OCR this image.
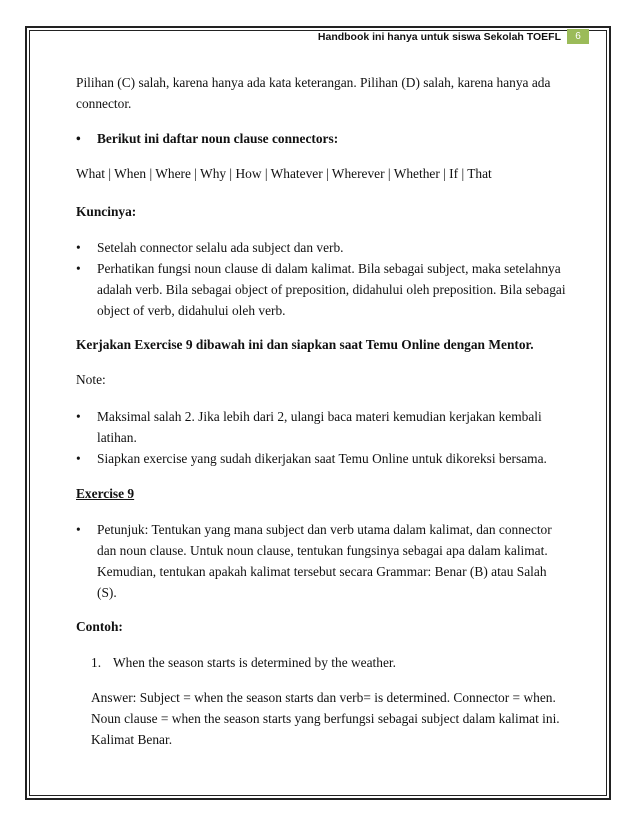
Handbook ini hanya untuk siswa Sekolah TOEFL	6

Pilihan (C) salah, karena hanya ada kata keterangan. Pilihan (D) salah, karena hanya ada connector.

• Berikut ini daftar noun clause connectors:

What | When | Where | Why | How | Whatever | Wherever | Whether | If | That

Kuncinya:

• Setelah connector selalu ada subject dan verb.
• Perhatikan fungsi noun clause di dalam kalimat. Bila sebagai subject, maka setelahnya adalah verb. Bila sebagai object of preposition, didahului oleh preposition. Bila sebagai object of verb, didahului oleh verb.

Kerjakan Exercise 9 dibawah ini dan siapkan saat Temu Online dengan Mentor.

Note:

• Maksimal salah 2. Jika lebih dari 2, ulangi baca materi kemudian kerjakan kembali latihan.
• Siapkan exercise yang sudah dikerjakan saat Temu Online untuk dikoreksi bersama.

Exercise 9

• Petunjuk: Tentukan yang mana subject dan verb utama dalam kalimat, dan connector dan noun clause. Untuk noun clause, tentukan fungsinya sebagai apa dalam kalimat. Kemudian, tentukan apakah kalimat tersebut secara Grammar: Benar (B) atau Salah (S).

Contoh:

1. When the season starts is determined by the weather.

Answer: Subject = when the season starts dan verb= is determined. Connector = when. Noun clause = when the season starts yang berfungsi sebagai subject dalam kalimat ini. Kalimat Benar.
